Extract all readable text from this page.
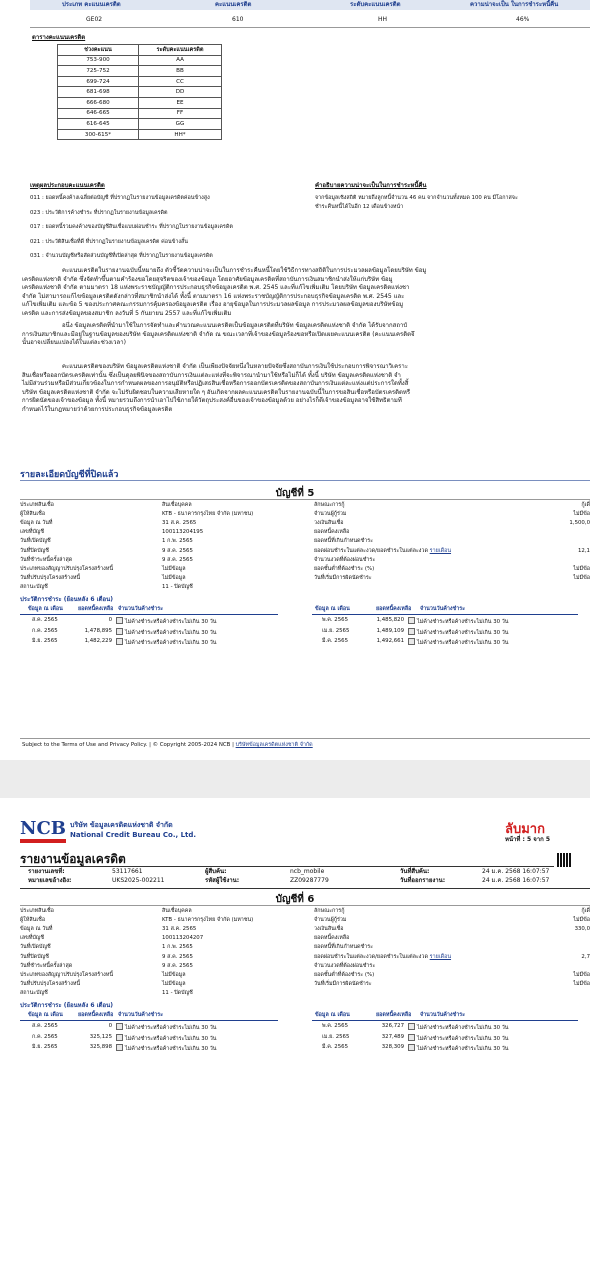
ประเภท คะแนนเครดิต	คะแนนเครดิต	ระดับคะแนนเครดิต	ความน่าจะเป็น ในการชำระหนี้คืน
GE02	610	HH	46%
ตารางคะแนนเครดิต
ช่วงคะแนน	ระดับคะแนนเครดิต
753-900	AA
725-752	BB
699-724	CC
681-698	DD
666-680	EE
646-665	FF
616-645	GG
300-615*	HH*
เหตุผลประกอบคะแนนเครดิต
011 : ยอดหนี้คงค้างเฉลี่ยต่อบัญชี ที่ปรากฏในรายงานข้อมูลเครดิตค่อนข้างสูง
023 : ประวัติการค้างชำระ ที่ปรากฏในรายงานข้อมูลเครดิต
017 : ยอดหนี้รวมคงค้างของบัญชีสินเชื่อแบบผ่อนชำระ ที่ปรากฏในรายงานข้อมูลเครดิต
021 : ประวัติสินเชื่อที่ดี ที่ปรากฏในรายงานข้อมูลเครดิต ค่อนข้างสั้น
031 : จำนวนบัญชีหรือสัดส่วนบัญชีที่เปิดล่าสุด ที่ปรากฏในรายงานข้อมูลเครดิต
คำอธิบายความน่าจะเป็นในการชำระหนี้คืน
จากข้อมูลเชิงสถิติ หมายถึงลูกหนี้จำนวน 46 คน จากจำนวนทั้งหมด 100 คน มีโอกาสจะ
ชำระคืนหนี้ได้ในอีก 12 เดือนข้างหน้า
คะแนนเครดิตในรายงานฉบับนี้หมายถึง ตัวชี้วัดความน่าจะเป็นในการชำระคืนหนี้โดยใช้วิธีการทางสถิติในการประมวลผลข้อมูลโดยบริษัท ข้อมู
เครดิตแห่งชาติ จำกัด ซึ่งจัดทำขึ้นตามคำร้องขอโดยสุจริตของเจ้าของข้อมูล โดยอาศัยข้อมูลเครดิตที่สถาบันการเงินสมาชิกนำส่งให้แก่บริษัท ข้อมู
เครดิตแห่งชาติ จำกัด ตามมาตรา 18 แห่งพระราชบัญญัติการประกอบธุรกิจข้อมูลเครดิต พ.ศ. 2545 และที่แก้ไขเพิ่มเติม โดยบริษัท ข้อมูลเครดิตแห่งชา
จำกัด ไม่สามารถแก้ไขข้อมูลเครดิตดังกล่าวที่สมาชิกนำส่งได้ ทั้งนี้ ตามมาตรา 16 แห่งพระราชบัญญัติการประกอบธุรกิจข้อมูลเครดิต พ.ศ. 2545 และ
แก้ไขเพิ่มเติม และข้อ 5 ของประกาศคณะกรรมการคุ้มครองข้อมูลเครดิต เรื่อง อายุข้อมูลในการประมวลผลข้อมูล การประมวลผลข้อมูลของบริษัทข้อมู
เครดิต และการส่งข้อมูลของสมาชิก ลงวันที่ 5 กันยายน 2557 และที่แก้ไขเพิ่มเติม
อนึ่ง ข้อมูลเครดิตที่นำมาใช้ในการจัดทำและคำนวณคะแนนเครดิตเป็นข้อมูลเครดิตที่บริษัท ข้อมูลเครดิตแห่งชาติ จำกัด ได้รับจากสถาบั
การเงินสมาชิกและมีอยู่ในฐานข้อมูลของบริษัท ข้อมูลเครดิตแห่งชาติ จำกัด ณ ขณะเวลาที่เจ้าของข้อมูลร้องขอหรือเปิดเผยคะแนนเครดิต (คะแนนเครดิตจึ
นั้นอาจเปลี่ยนแปลงได้ในแต่ละช่วงเวลา)
คะแนนเครดิตของบริษัท ข้อมูลเครดิตแห่งชาติ จำกัด เป็นเพียงปัจจัยหนึ่งในหลายปัจจัยซึ่งสถาบันการเงินใช้ประกอบการพิจารณาวิเคราะ
สินเชื่อหรือออกบัตรเครดิตเท่านั้น ซึ่งเป็นดุลยพินิจของสถาบันการเงินแต่ละแห่งที่จะพิจารณานำมาใช้หรือไม่ก็ได้ ทั้งนี้ บริษัท ข้อมูลเครดิตแห่งชาติ จำ
ไม่มีส่วนร่วมหรือมีส่วนเกี่ยวข้องในการกำหนดผลของการอนุมัติหรือปฏิเสธสินเชื่อหรือการออกบัตรเครดิตของสถาบันการเงินแต่ละแห่งแต่ประการใดทั้งสิ้
บริษัท ข้อมูลเครดิตแห่งชาติ จำกัด จะไม่รับผิดชอบในความเสียหายใด ๆ อันเกิดจากผลคะแนนเครดิตในรายงานฉบับนี้ในการขอสินเชื่อหรือบัตรเครดิตหรื
การผิดนัดของเจ้าของข้อมูล ทั้งนี้ หมายรวมถึงการนำเอาไปใช้ภายใต้วัตถุประสงค์อื่นของเจ้าของข้อมูลด้วย อย่างไรก็ดีเจ้าของข้อมูลอาจใช้สิทธิตามที
กำหนดไว้ในกฎหมายว่าด้วยการประกอบธุรกิจข้อมูลเครดิต
รายละเอียดบัญชีที่ปิดแล้ว
บัญชีที่ 5
ประเภทสินเชื่อ	สินเชื่อบุคคล
ผู้ให้สินเชื่อ	KTB - ธนาคารกรุงไทย จำกัด (มหาชน)
ข้อมูล ณ วันที่	31 ส.ค. 2565
เลขที่บัญชี	100113204195
วันที่เปิดบัญชี	1 ก.พ. 2565
วันที่ปิดบัญชี	9 ส.ค. 2565
วันที่ชำระหนี้ครั้งล่าสุด	9 ส.ค. 2565
ประเภทของสัญญาปรับปรุงโครงสร้างหนี้	ไม่มีข้อมูล
วันที่ปรับปรุงโครงสร้างหนี้	ไม่มีข้อมูล
สถานะบัญชี	11 - ปิดบัญชี
ลักษณะการกู้	กู้เดี่
จำนวนผู้กู้ร่วม	ไม่มีข้อ
วงเงินสินเชื่อ	1,500,0
ยอดหนี้คงเหลือ
ยอดหนี้ที่เกินกำหนดชำระ
ยอดผ่อนชำระในแต่ละงวด/ยอดชำระในแต่ละงวด รายเดือน	12,1
จำนวนงวดที่ต้องผ่อนชำระ
ยอดชั้นต่ำที่ต้องชำระ (%)	ไม่มีข้อ
วันที่เริ่มมีการผิดนัดชำระ	ไม่มีข้อ
ประวัติการชำระ (ย้อนหลัง 6 เดือน)
ข้อมูล ณ เดือน	ยอดหนี้คงเหลือ จำนวนวันค้างชำระ	ข้อมูล ณ เดือน	ยอดหนี้คงเหลือ จำนวนวันค้างชำระ
ส.ค. 2565	0	ไม่ค้างชำระหรือค้างชำระไม่เกิน 30 วัน
ก.ค. 2565	1,478,895	ไม่ค้างชำระหรือค้างชำระไม่เกิน 30 วัน
มิ.ย. 2565	1,482,229	ไม่ค้างชำระหรือค้างชำระไม่เกิน 30 วัน
พ.ค. 2565	1,485,820	ไม่ค้างชำระหรือค้างชำระไม่เกิน 30 วัน
เม.ย. 2565	1,489,109	ไม่ค้างชำระหรือค้างชำระไม่เกิน 30 วัน
มี.ค. 2565	1,492,661	ไม่ค้างชำระหรือค้างชำระไม่เกิน 30 วัน
Subject to the Terms of Use and Privacy Policy. | © Copyright 2005-2024 NCB | บริษัทข้อมูลเครดิตแห่งชาติ จำกัด
NCB บริษัท ข้อมูลเครดิตแห่งชาติ จำกัด
National Credit Bureau Co., Ltd.	ลับมาก
หน้าที่ : 5 จาก 5
รายงานข้อมูลเครดิต
รายงานเลขที่:	53117661	ผู้สืบค้น:	ncb_mobile	วันที่สืบค้น:	24 ม.ค. 2568 16:07:57
หมายเลขอ้างอิง:	UKS2025-002211	รหัสผู้ใช้งาน:	ZZ09287779	วันที่ออกรายงาน:	24 ม.ค. 2568 16:07:57
บัญชีที่ 6
ประเภทสินเชื่อ	สินเชื่อบุคคล
ผู้ให้สินเชื่อ	KTB - ธนาคารกรุงไทย จำกัด (มหาชน)
ข้อมูล ณ วันที่	31 ส.ค. 2565
เลขที่บัญชี	100113204207
วันที่เปิดบัญชี	1 ก.พ. 2565
วันที่ปิดบัญชี	9 ส.ค. 2565
วันที่ชำระหนี้ครั้งล่าสุด	9 ส.ค. 2565
ประเภทของสัญญาปรับปรุงโครงสร้างหนี้	ไม่มีข้อมูล
วันที่ปรับปรุงโครงสร้างหนี้	ไม่มีข้อมูล
สถานะบัญชี	11 - ปิดบัญชี
ลักษณะการกู้	กู้เดี่
จำนวนผู้กู้ร่วม	ไม่มีข้อ
วงเงินสินเชื่อ	330,0
ยอดหนี้คงเหลือ
ยอดหนี้ที่เกินกำหนดชำระ
ยอดผ่อนชำระในแต่ละงวด/ยอดชำระในแต่ละงวด รายเดือน	2,7
จำนวนงวดที่ต้องผ่อนชำระ
ยอดชั้นต่ำที่ต้องชำระ (%)	ไม่มีข้อ
วันที่เริ่มมีการผิดนัดชำระ	ไม่มีข้อ
ประวัติการชำระ (ย้อนหลัง 6 เดือน)
ข้อมูล ณ เดือน	ยอดหนี้คงเหลือ จำนวนวันค้างชำระ	ข้อมูล ณ เดือน	ยอดหนี้คงเหลือ จำนวนวันค้างชำระ
ส.ค. 2565	0	ไม่ค้างชำระหรือค้างชำระไม่เกิน 30 วัน
ก.ค. 2565	325,125	ไม่ค้างชำระหรือค้างชำระไม่เกิน 30 วัน
มิ.ย. 2565	325,898	ไม่ค้างชำระหรือค้างชำระไม่เกิน 30 วัน
พ.ค. 2565	326,727	ไม่ค้างชำระหรือค้างชำระไม่เกิน 30 วัน
เม.ย. 2565	327,489	ไม่ค้างชำระหรือค้างชำระไม่เกิน 30 วัน
มี.ค. 2565	328,309	ไม่ค้างชำระหรือค้างชำระไม่เกิน 30 วัน
